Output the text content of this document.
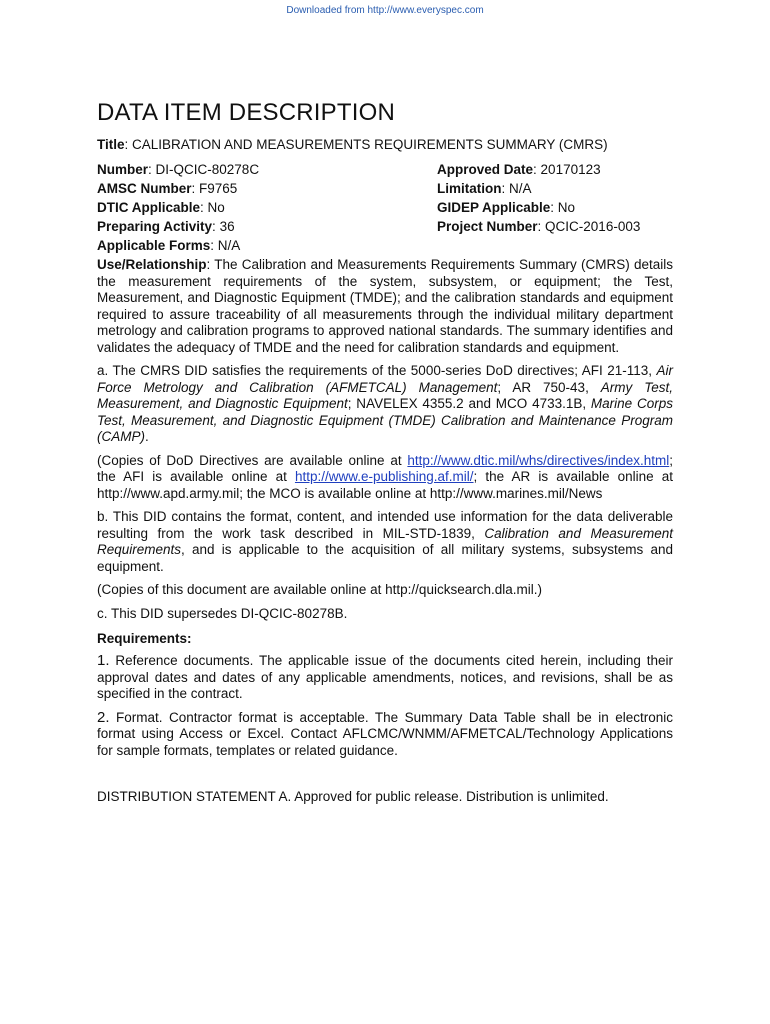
Downloaded from http://www.everyspec.com
DATA ITEM DESCRIPTION
Title: CALIBRATION AND MEASUREMENTS REQUIREMENTS SUMMARY (CMRS)
Number: DI-QCIC-80278C	Approved Date: 20170123
AMSC Number: F9765	Limitation: N/A
DTIC Applicable: No	GIDEP Applicable: No
Preparing Activity: 36	Project Number: QCIC-2016-003
Applicable Forms: N/A

Use/Relationship: The Calibration and Measurements Requirements Summary (CMRS) details the measurement requirements of the system, subsystem, or equipment; the Test, Measurement, and Diagnostic Equipment (TMDE); and the calibration standards and equipment required to assure traceability of all measurements through the individual military department metrology and calibration programs to approved national standards. The summary identifies and validates the adequacy of TMDE and the need for calibration standards and equipment.

a. The CMRS DID satisfies the requirements of the 5000-series DoD directives; AFI 21-113, Air Force Metrology and Calibration (AFMETCAL) Management; AR 750-43, Army Test, Measurement, and Diagnostic Equipment; NAVELEX 4355.2 and MCO 4733.1B, Marine Corps Test, Measurement, and Diagnostic Equipment (TMDE) Calibration and Maintenance Program (CAMP).

(Copies of DoD Directives are available online at http://www.dtic.mil/whs/directives/index.html; the AFI is available online at http://www.e-publishing.af.mil/; the AR is available online at http://www.apd.army.mil; the MCO is available online at http://www.marines.mil/News

b. This DID contains the format, content, and intended use information for the data deliverable resulting from the work task described in MIL-STD-1839, Calibration and Measurement Requirements, and is applicable to the acquisition of all military systems, subsystems and equipment.

(Copies of this document are available online at http://quicksearch.dla.mil.)

c. This DID supersedes DI-QCIC-80278B.

Requirements:

1. Reference documents. The applicable issue of the documents cited herein, including their approval dates and dates of any applicable amendments, notices, and revisions, shall be as specified in the contract.

2. Format. Contractor format is acceptable. The Summary Data Table shall be in electronic format using Access or Excel. Contact AFLCMC/WNMM/AFMETCAL/Technology Applications for sample formats, templates or related guidance.

DISTRIBUTION STATEMENT A. Approved for public release. Distribution is unlimited.
